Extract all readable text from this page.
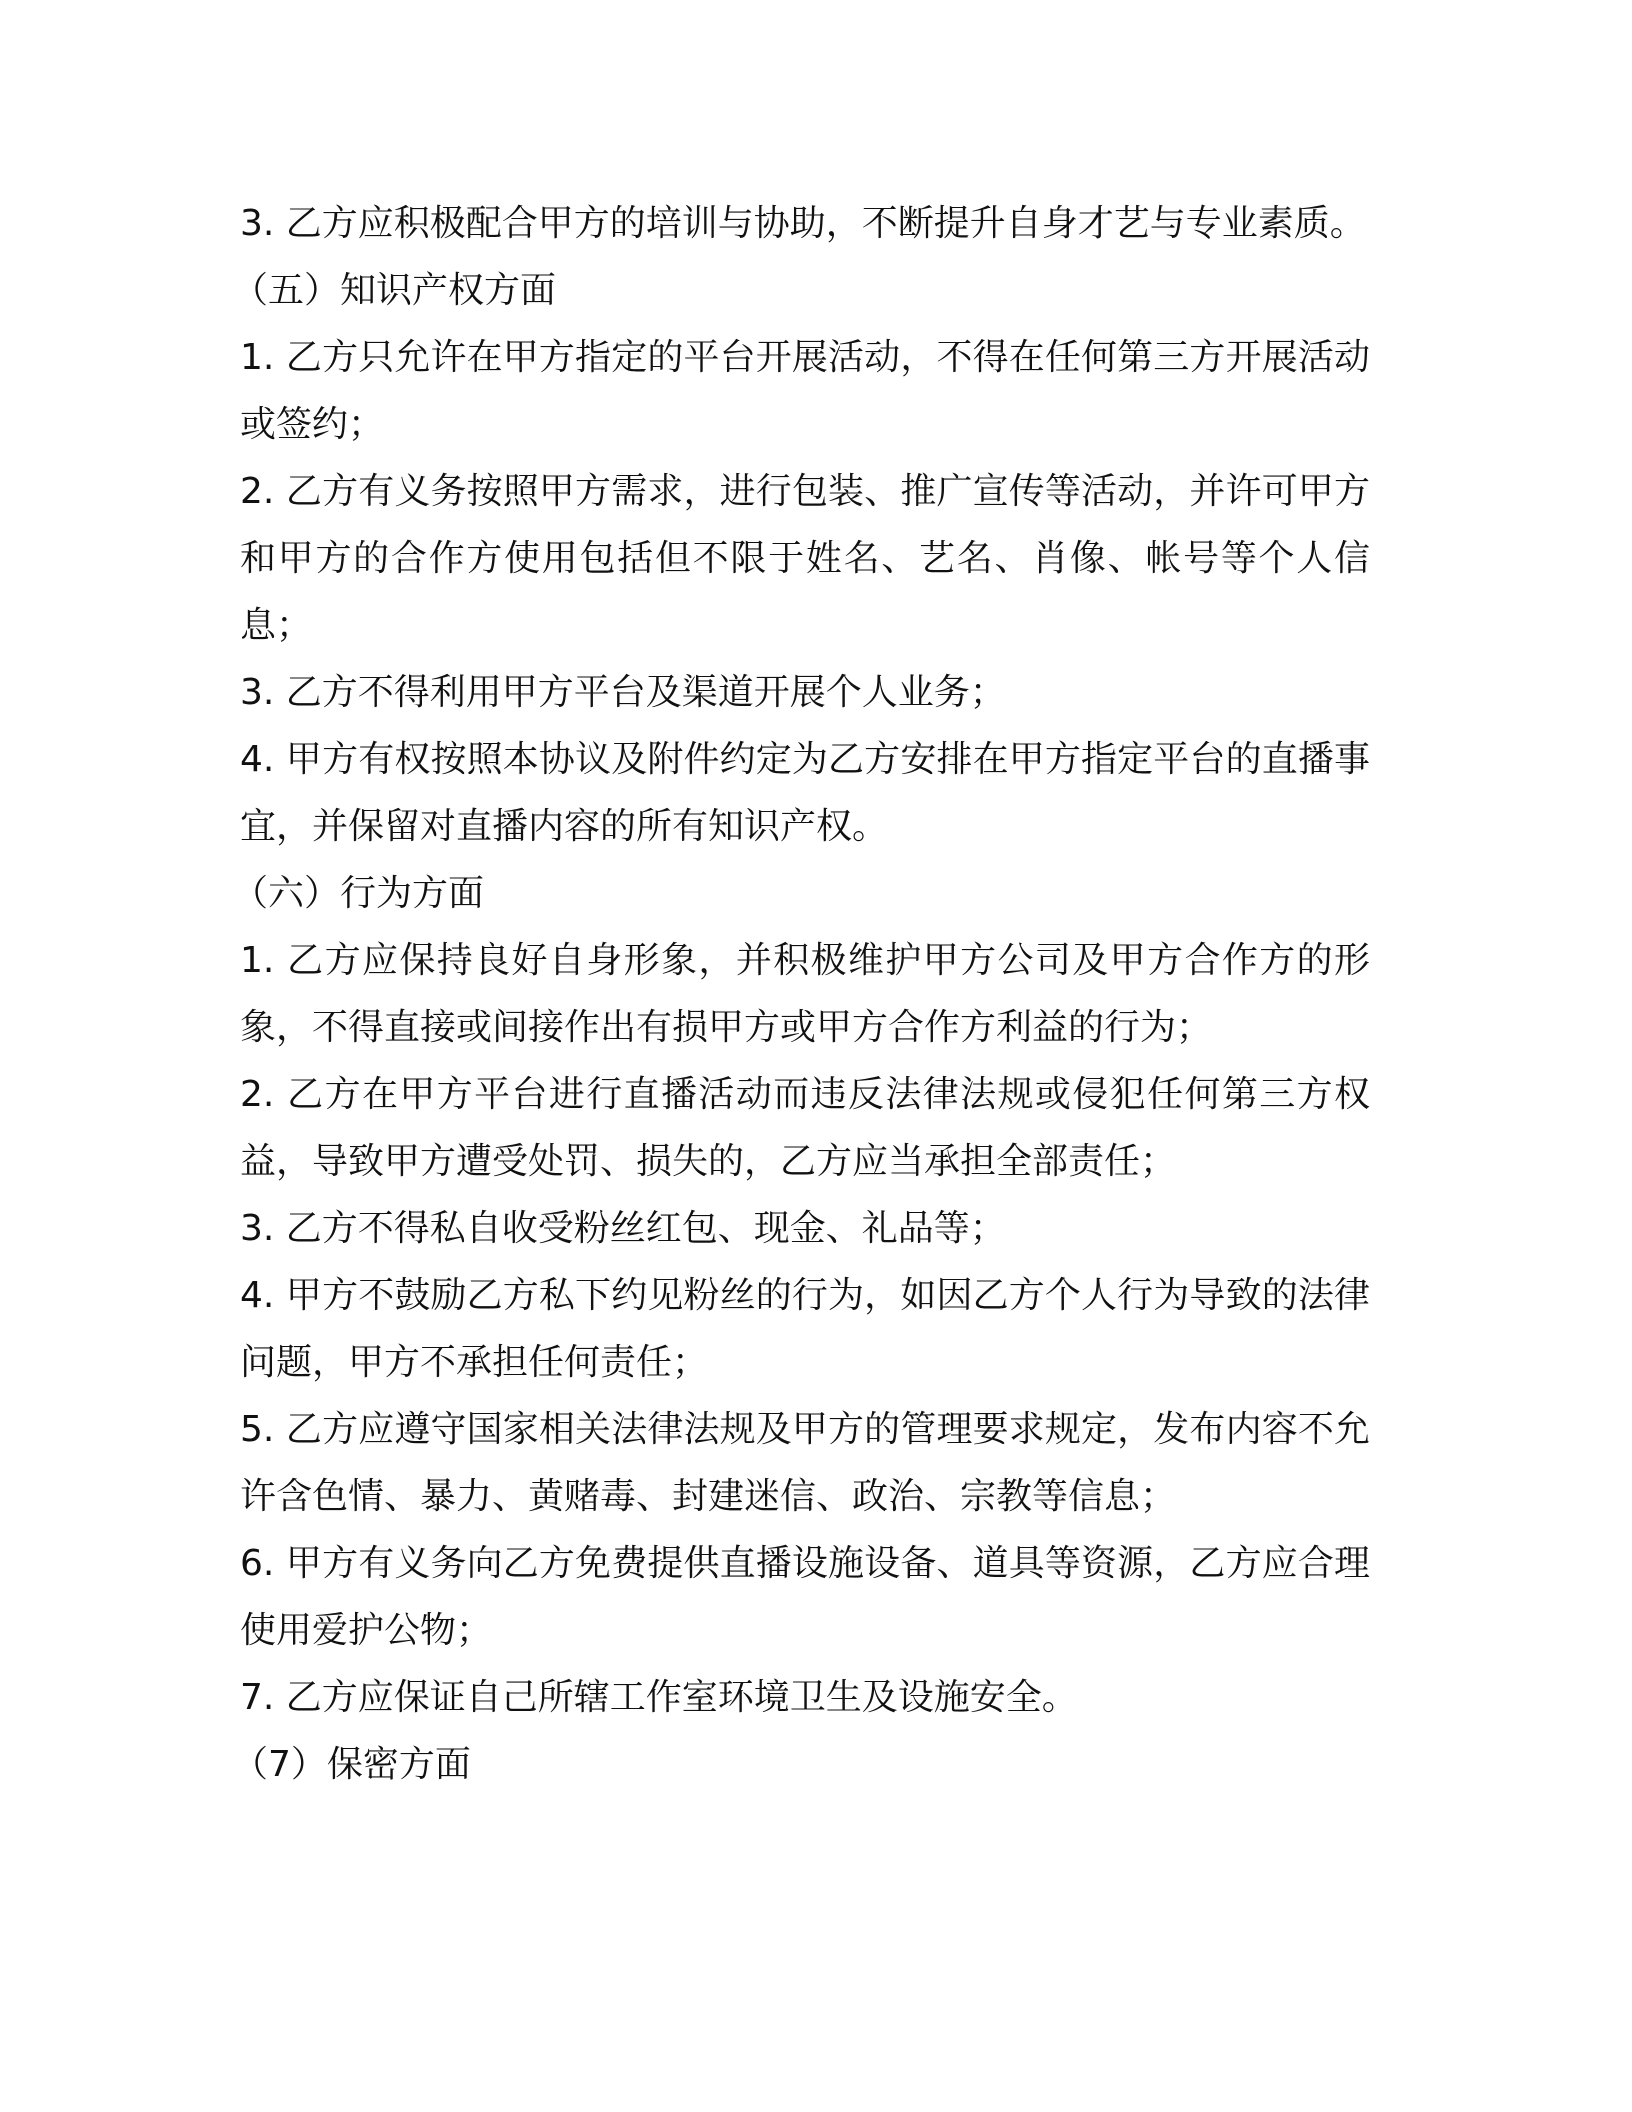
3. 乙方应积极配合甲方的培训与协助，不断提升自身才艺与专业素质。

（五）知识产权方面

1. 乙方只允许在甲方指定的平台开展活动，不得在任何第三方开展活动或签约；

2. 乙方有义务按照甲方需求，进行包装、推广宣传等活动，并许可甲方和甲方的合作方使用包括但不限于姓名、艺名、肖像、帐号等个人信息；

3. 乙方不得利用甲方平台及渠道开展个人业务；

4. 甲方有权按照本协议及附件约定为乙方安排在甲方指定平台的直播事宜，并保留对直播内容的所有知识产权。

（六）行为方面

1. 乙方应保持良好自身形象，并积极维护甲方公司及甲方合作方的形象，不得直接或间接作出有损甲方或甲方合作方利益的行为；

2. 乙方在甲方平台进行直播活动而违反法律法规或侵犯任何第三方权益，导致甲方遭受处罚、损失的，乙方应当承担全部责任；

3. 乙方不得私自收受粉丝红包、现金、礼品等；

4. 甲方不鼓励乙方私下约见粉丝的行为，如因乙方个人行为导致的法律问题，甲方不承担任何责任；

5. 乙方应遵守国家相关法律法规及甲方的管理要求规定，发布内容不允许含色情、暴力、黄赌毒、封建迷信、政治、宗教等信息；

6. 甲方有义务向乙方免费提供直播设施设备、道具等资源，乙方应合理使用爱护公物；

7. 乙方应保证自己所辖工作室环境卫生及设施安全。

（7）保密方面
